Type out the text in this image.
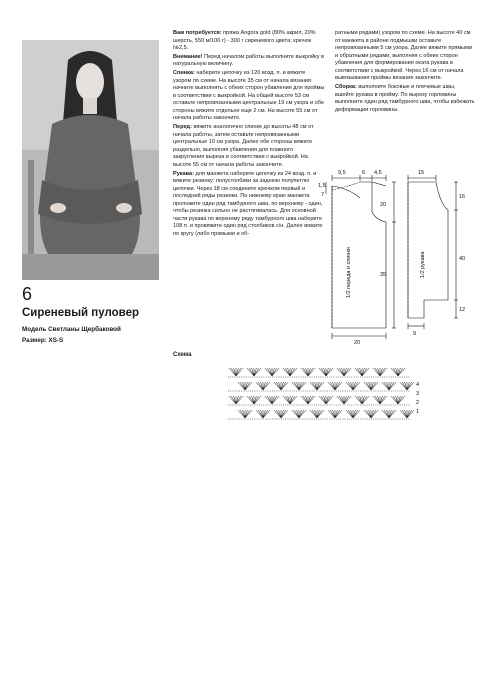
6
Сиреневый пуловер
Модель Светланы Щербаковой
Размер: XS-S

Вам потребуется: пряжа Angora gold (80% акрил, 20% шерсть, 550 м/100 г) - 300 г сиреневого цвета; крючок №2,5.

Внимание! Перед началом работы выполните выкройку в натуральную величину.

Спинка: наберите цепочку из 120 возд. п. и вяжите узором по схеме. На высоте 35 см от начала вязания начните выполнять с обеих сторон убавления для проймы в соответствии с выкройкой. На общей высоте 53 см оставьте непровязанными центральные 19 см узора и обе стороны вяжите отдельно еще 2 см. На высоте 55 см от начала работы закончите.

Перед: вяжите аналогично спинке до высоты 48 см от начала работы, затем оставьте непровязанными центральные 10 см узора. Далее обе стороны вяжите раздельно, выполняя убавления для плавного закругления выреза в соответствии с выкройкой. На высоте 55 см от начала работы закончите.

Рукава: для манжета наберите цепочку из 24 возд. п. и вяжите резинку: полустолбики за заднюю полупетлю цепочки. Через 18 см соедините крючком первый и последний ряды резинки. По нижнему краю манжета проложите один ряд тамбурного шва, по верхнему - один, чтобы резинка сильно не растягивалась. Для основной части рукава по верхнему ряду тамбурного шва наберите 108 п. и провяжите один ряд столбиков с/н. Далее вяжите по кругу (либо прямыми и об-

ратными рядами) узором по схеме. На высоте 40 см от манжета в районе подмышки оставьте непровязанными 5 см узора. Далее вяжите прямыми и обратными рядами, выполняя с обеих сторон убавления для формирования оката рукава в соответствии с выкройкой. Через 16 см от начала вывязывания проймы вязание закончите.

Сборка: выполните боковые и плечевые швы, вшейте рукава в пройму. По вырезу горловины выполните один ряд тамбурного шва, чтобы избежать деформации горловины.

9,5	6 4,5
1,5
7
20
35
20
1/2 переда и спинки
15
16
40
12
9
1/2 рукава
Схема
4
3
2
1
